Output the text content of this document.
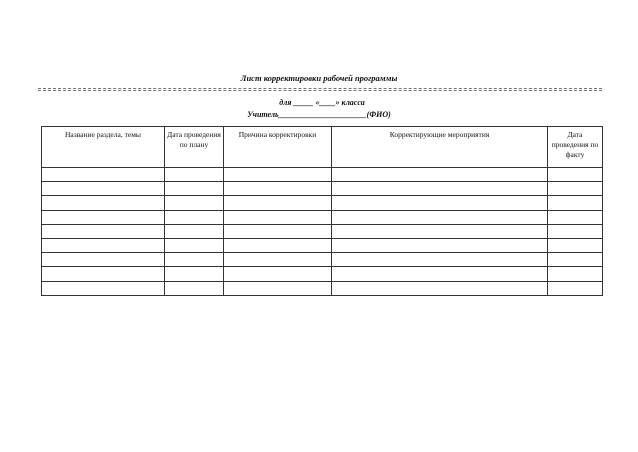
Лист корректировки рабочей программы
для _____ «____» класса
Учитель______________________(ФИО)
Название раздела, темы	Дата проведения по плану	Причина корректировки	Корректирующие мероприятия	Дата проведения по факту
